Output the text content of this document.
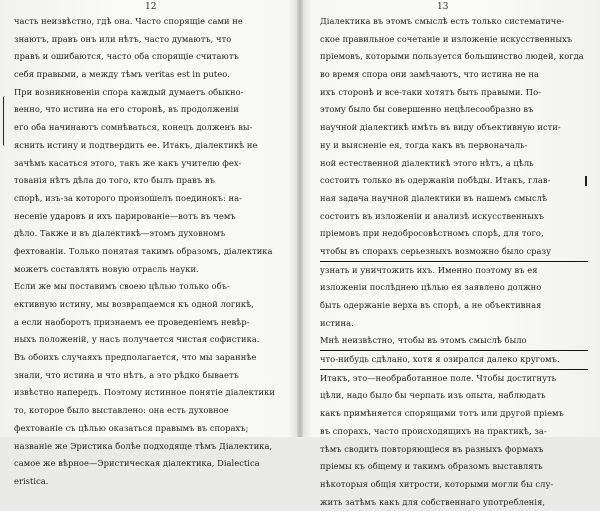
12
часть неизвѣстно, гдѣ она. Часто спорящіе сами не
знаютъ, правъ онъ или нѣтъ, часто думаютъ, что
правъ и ошибаются, часто оба спорящіе считаютъ
себя правыми, а между тѣмъ veritas est in puteo.
При возникновеніи спора каждый думаетъ обыкно-
венно, что истина на его сторонѣ, въ продолженіи
его оба начинаютъ сомнѣваться, конецъ долженъ вы-
яснить истину и подтвердить ее. Итакъ, діалектикѣ не
зачѣмъ касаться этого, такъ же какъ учителю фех-
тованія нѣтъ дѣла до того, кто былъ правъ въ
спорѣ, изъ-за которого произошелъ поединокъ: на-
несеніе ударовъ и ихъ парированіе—вотъ въ чемъ
дѣло. Также и въ діалектикѣ—этомъ духовномъ
фехтованіи. Только понятая такимъ образомъ, діалектика
можетъ составлять новую отрасль науки.
Если же мы поставимъ своею цѣлью только объ-
ективную истину, мы возвращаемся къ одной логикѣ,
а если наоборотъ признаемъ ее проведеніемъ невѣр-
ныхъ положеній, у насъ получается чистая софистика.
Въ обоихъ случаяхъ предполагается, что мы зараннѣе
знали, что истина и что нѣтъ, а это рѣдко бываетъ
извѣстно напередъ. Поэтому истинное понятіе діалектики
то, которое было выставлено: она есть духовное
фехтованіе съ цѣлью оказаться правымъ въ спорахъ;
названіе же Эристика болѣе подходяще тѣмъ Діалектика,
самое же вѣрное—Эристическая діалектика, Dialectica
eristica.
13
Діалектика въ этомъ смыслѣ есть только систематиче-
ское правильное сочетаніе и изложеніе искусственныхъ
пріемовъ, которыми пользуется большинство людей, когда
во время спора они замѣчаютъ, что истина не на
ихъ сторонѣ и все-таки хотятъ быть правыми. По-
этому было бы совершенно нецѣлесообразно въ
научной діалектикѣ имѣть въ виду объективную исти-
ну и выясненіе ея, тогда какъ въ первоначаль-
ной естественной діалектикѣ этого нѣтъ, а цѣль
состоитъ только въ одержаніи побѣды. Итакъ, глав-
ная задача научной діалектики въ нашемъ смыслѣ
состоитъ въ изложеніи и анализѣ искусственныхъ
пріемовъ при недобросовѣстномъ спорѣ, для того,
чтобы въ спорахъ серьезныхъ возможно было сразу
узнать и уничтожить ихъ. Именно поэтому въ ея
изложеніи послѣднею цѣлью ея заявлено должно
быть одержаніе верха въ спорѣ, а не объективная
истина.
Мнѣ неизвѣстно, чтобы въ этомъ смыслѣ было
что-нибудь сдѣлано, хотя я озирался далеко кругомъ.
Итакъ, это—необработанное поле. Чтобы достигнуть
цѣли, надо было бы черпать изъ опыта, наблюдать
какъ примѣняется спорящими тотъ или другой пріемъ
въ спорахъ, часто происходящихъ на практикѣ, за-
тѣмъ сводить повторяющіеся въ разныхъ формахъ
пріемы къ общему и такимъ образомъ выставлять
нѣкоторыя общія хитрости, которыми могли бы слу-
жить затѣмъ какъ для собственнаго употребленія,
